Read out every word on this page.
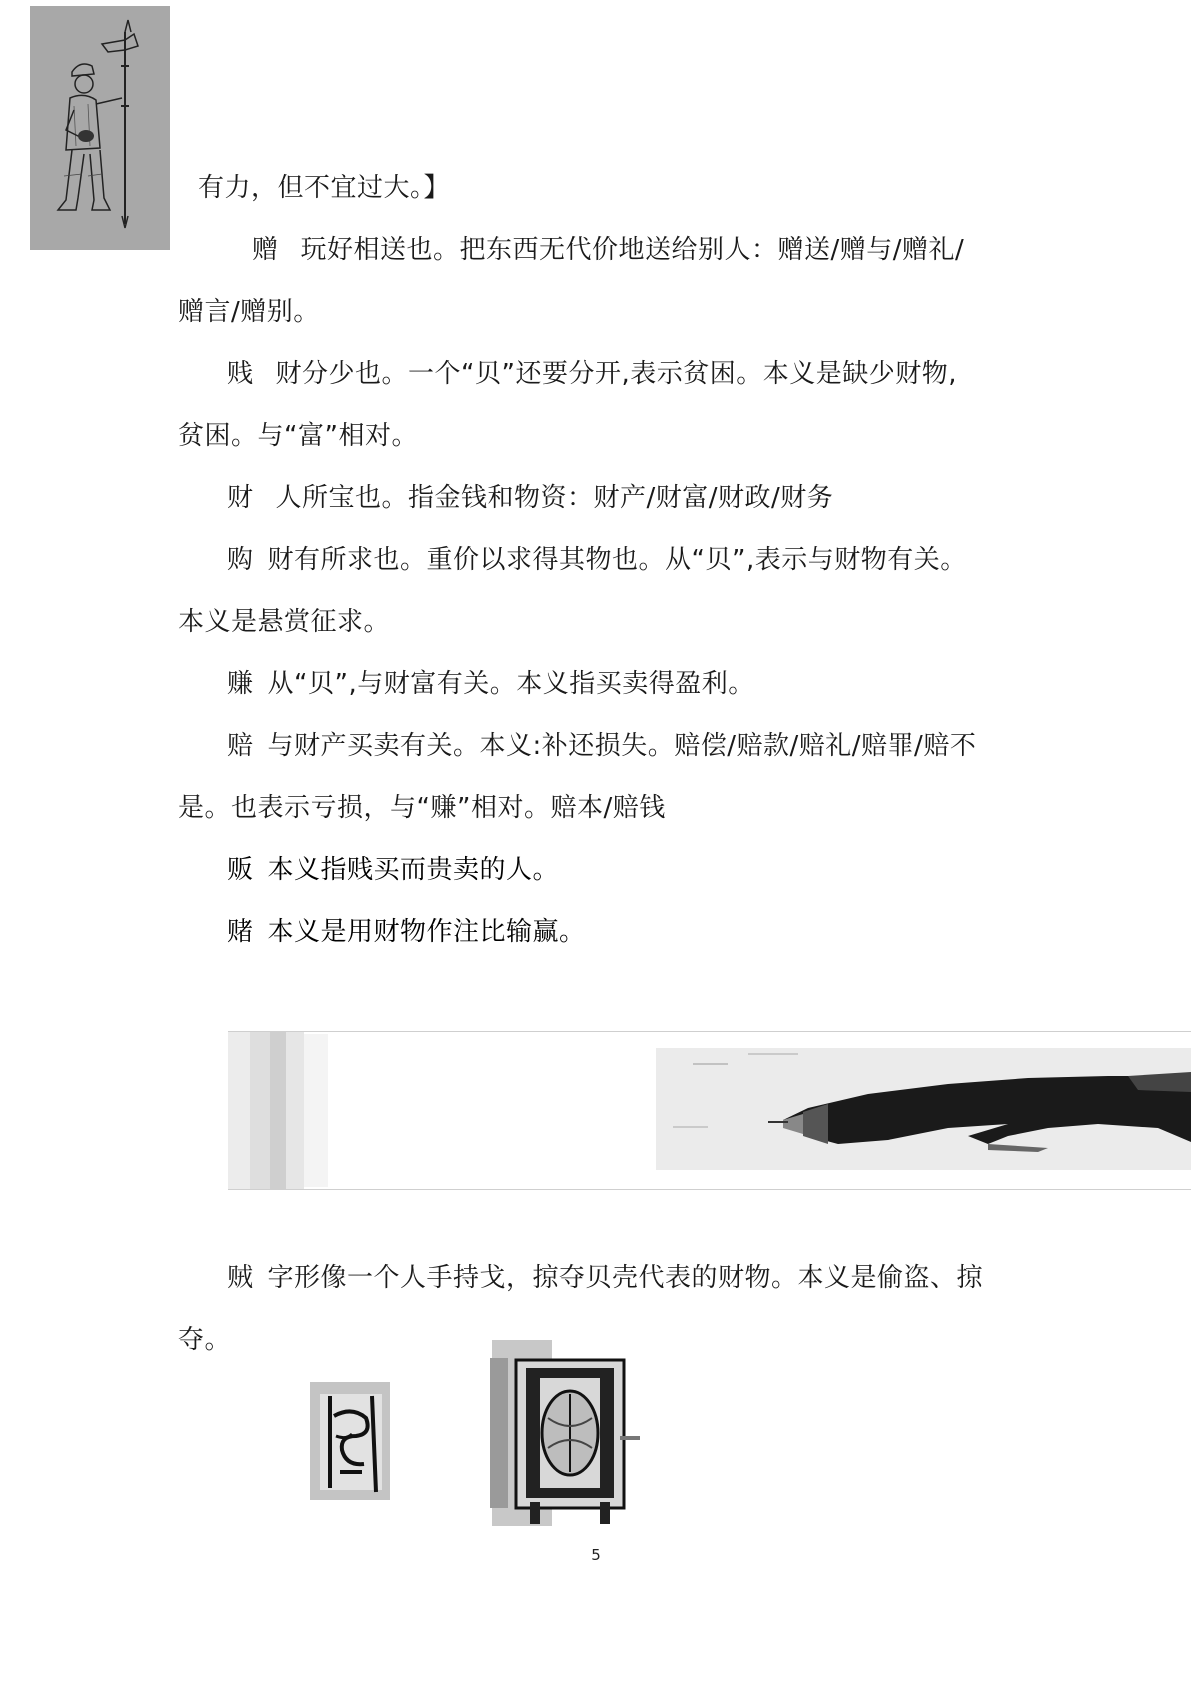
有力，但不宜过大。】
赠 玩好相送也。把东西无代价地送给别人：赠送/赠与/赠礼/
赠言/赠别。
贱 财分少也。一个“贝”还要分开,表示贫困。本义是缺少财物,
贫困。与“富”相对。
财 人所宝也。指金钱和物资：财产/财富/财政/财务
购 财有所求也。重价以求得其物也。从“贝”,表示与财物有关。
本义是悬赏征求。
赚 从“贝”,与财富有关。本义指买卖得盈利。
赔 与财产买卖有关。本义:补还损失。赔偿/赔款/赔礼/赔罪/赔不
是。也表示亏损，与“赚”相对。赔本/赔钱
贩 本义指贱买而贵卖的人。
赌 本义是用财物作注比输赢。
贼 字形像一个人手持戈，掠夺贝壳代表的财物。本义是偷盗、掠
夺。
5
